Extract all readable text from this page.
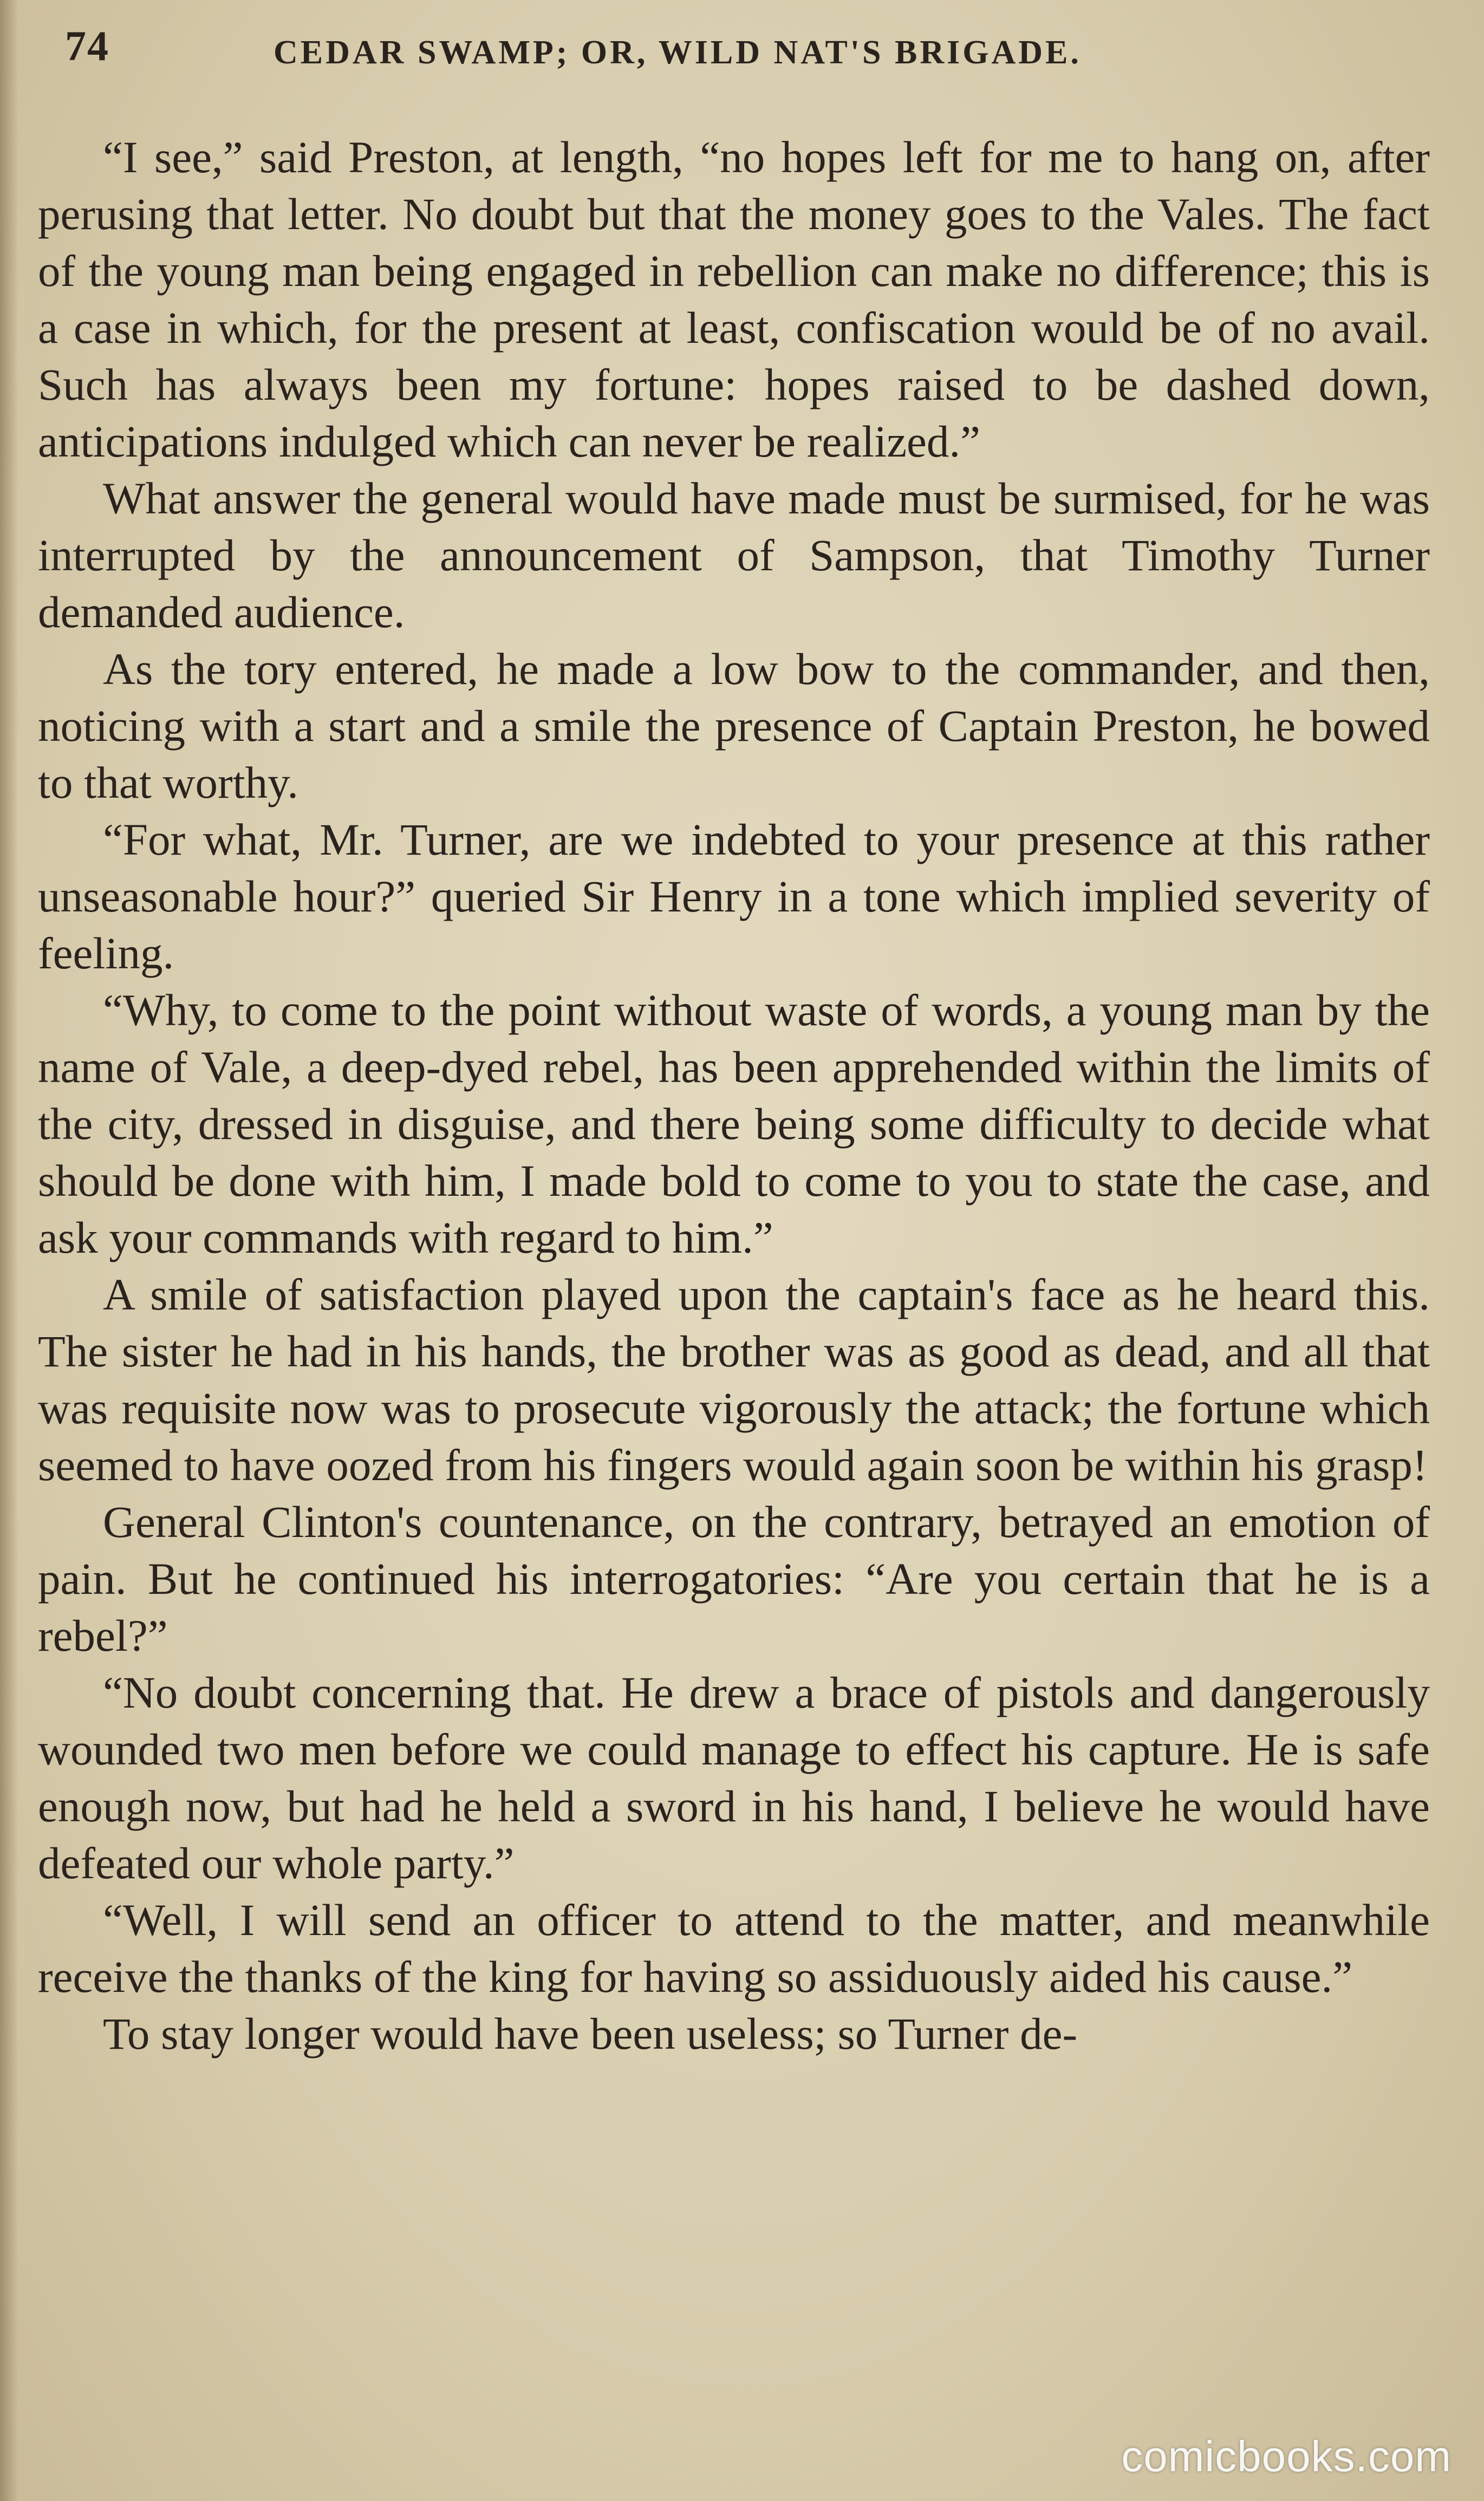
74	CEDAR SWAMP; OR, WILD NAT'S BRIGADE.

“I see,” said Preston, at length, “no hopes left for me to hang on, after perusing that letter. No doubt but that the money goes to the Vales. The fact of the young man being engaged in rebellion can make no difference; this is a case in which, for the present at least, confiscation would be of no avail. Such has always been my fortune: hopes raised to be dashed down, anticipations indulged which can never be realized.”

What answer the general would have made must be surmised, for he was interrupted by the announcement of Sampson, that Timothy Turner demanded audience.

As the tory entered, he made a low bow to the commander, and then, noticing with a start and a smile the presence of Captain Preston, he bowed to that worthy.

“For what, Mr. Turner, are we indebted to your presence at this rather unseasonable hour?” queried Sir Henry in a tone which implied severity of feeling.

“Why, to come to the point without waste of words, a young man by the name of Vale, a deep-dyed rebel, has been apprehended within the limits of the city, dressed in disguise, and there being some difficulty to decide what should be done with him, I made bold to come to you to state the case, and ask your commands with regard to him.”

A smile of satisfaction played upon the captain's face as he heard this. The sister he had in his hands, the brother was as good as dead, and all that was requisite now was to prosecute vigorously the attack; the fortune which seemed to have oozed from his fingers would again soon be within his grasp!

General Clinton's countenance, on the contrary, betrayed an emotion of pain. But he continued his interrogatories: “Are you certain that he is a rebel?”

“No doubt concerning that. He drew a brace of pistols and dangerously wounded two men before we could manage to effect his capture. He is safe enough now, but had he held a sword in his hand, I believe he would have defeated our whole party.”

“Well, I will send an officer to attend to the matter, and meanwhile receive the thanks of the king for having so assiduously aided his cause.”

To stay longer would have been useless; so Turner de-

comicbooks.com
